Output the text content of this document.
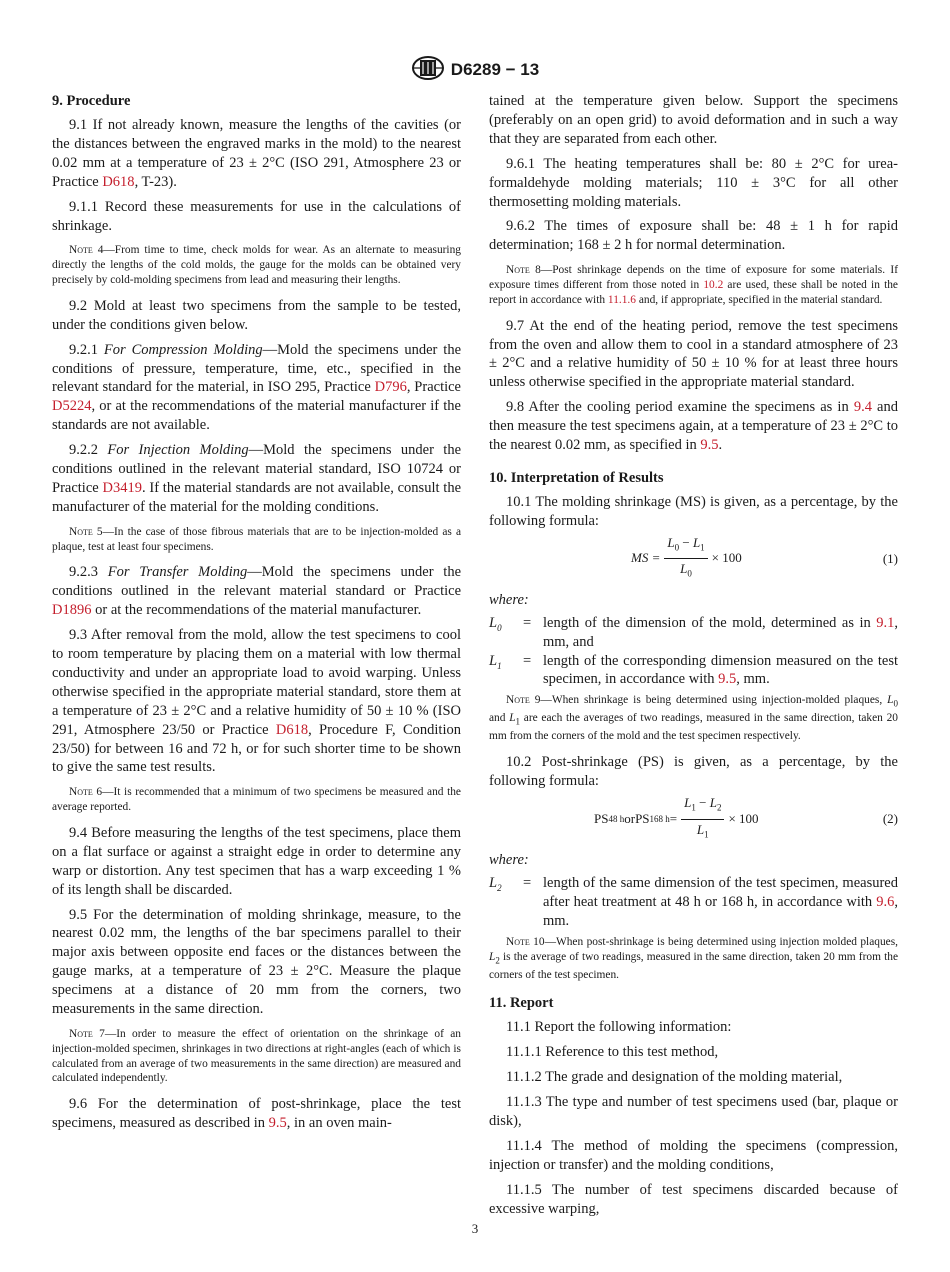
D6289 − 13
9. Procedure

9.1 If not already known, measure the lengths of the cavities (or the distances between the engraved marks in the mold) to the nearest 0.02 mm at a temperature of 23 ± 2°C (ISO 291, Atmosphere 23 or Practice D618, T-23).

9.1.1 Record these measurements for use in the calculations of shrinkage.

Note 4—From time to time, check molds for wear. As an alternate to measuring directly the lengths of the cold molds, the gauge for the molds can be obtained very precisely by cold-molding specimens from lead and measuring their lengths.

9.2 Mold at least two specimens from the sample to be tested, under the conditions given below.

9.2.1 For Compression Molding—Mold the specimens under the conditions of pressure, temperature, time, etc., specified in the relevant standard for the material, in ISO 295, Practice D796, Practice D5224, or at the recommendations of the material manufacturer if the standards are not available.

9.2.2 For Injection Molding—Mold the specimens under the conditions outlined in the relevant material standard, ISO 10724 or Practice D3419. If the material standards are not available, consult the manufacturer of the material for the molding conditions.

Note 5—In the case of those fibrous materials that are to be injection-molded as a plaque, test at least four specimens.

9.2.3 For Transfer Molding—Mold the specimens under the conditions outlined in the relevant material standard or Practice D1896 or at the recommendations of the material manufacturer.

9.3 After removal from the mold, allow the test specimens to cool to room temperature by placing them on a material with low thermal conductivity and under an appropriate load to avoid warping. Unless otherwise specified in the appropriate material standard, store them at a temperature of 23 ± 2°C and a relative humidity of 50 ± 10 % (ISO 291, Atmosphere 23/50 or Practice D618, Procedure F, Condition 23/50) for between 16 and 72 h, or for such shorter time to be shown to give the same test results.

Note 6—It is recommended that a minimum of two specimens be measured and the average reported.

9.4 Before measuring the lengths of the test specimens, place them on a flat surface or against a straight edge in order to determine any warp or distortion. Any test specimen that has a warp exceeding 1 % of its length shall be discarded.

9.5 For the determination of molding shrinkage, measure, to the nearest 0.02 mm, the lengths of the bar specimens parallel to their major axis between opposite end faces or the distances between the gauge marks, at a temperature of 23 ± 2°C. Measure the plaque specimens at a distance of 20 mm from the corners, two measurements in the same direction.

Note 7—In order to measure the effect of orientation on the shrinkage of an injection-molded specimen, shrinkages in two directions at right-angles (each of which is calculated from an average of two measurements in the same direction) are measured and calculated independently.

9.6 For the determination of post-shrinkage, place the test specimens, measured as described in 9.5, in an oven main-

tained at the temperature given below. Support the specimens (preferably on an open grid) to avoid deformation and in such a way that they are separated from each other.

9.6.1 The heating temperatures shall be: 80 ± 2°C for urea-formaldehyde molding materials; 110 ± 3°C for all other thermosetting molding materials.

9.6.2 The times of exposure shall be: 48 ± 1 h for rapid determination; 168 ± 2 h for normal determination.

Note 8—Post shrinkage depends on the time of exposure for some materials. If exposure times different from those noted in 10.2 are used, these shall be noted in the report in accordance with 11.1.6 and, if appropriate, specified in the material standard.

9.7 At the end of the heating period, remove the test specimens from the oven and allow them to cool in a standard atmosphere of 23 ± 2°C and a relative humidity of 50 ± 10 % for at least three hours unless otherwise specified in the appropriate material standard.

9.8 After the cooling period examine the specimens as in 9.4 and then measure the test specimens again, at a temperature of 23 ± 2°C to the nearest 0.02 mm, as specified in 9.5.

10. Interpretation of Results

10.1 The molding shrinkage (MS) is given, as a percentage, by the following formula:

MS = $\frac{L_0 - L_1}{L_0} \times 100$	(1)
where:
$L_0$	= length of the dimension of the mold, determined as in 9.1, mm, and
$L_1$	= length of the corresponding dimension measured on the test specimen, in accordance with 9.5, mm.
Note 9—When shrinkage is being determined using injection-molded plaques, $L_0$ and $L_1$ are each the averages of two readings, measured in the same direction, taken 20 mm from the corners of the mold and the test specimen respectively.

10.2 Post-shrinkage (PS) is given, as a percentage, by the following formula:

PS 48 h or PS 168 $h = \frac{L_1 - L_2}{L_1} \times 100$	(2)
where:
$L_2$	= length of the same dimension of the test specimen, measured after heat treatment at 48 h or 168 h, in accordance with 9.6, mm.
Note 10—When post-shrinkage is being determined using injection molded plaques, $L_2$ is the average of two readings, measured in the same direction, taken 20 mm from the corners of the test specimen.
11. Report

11.1 Report the following information:

11.1.1 Reference to this test method,

11.1.2 The grade and designation of the molding material,

11.1.3 The type and number of test specimens used (bar, plaque or disk),

11.1.4 The method of molding the specimens (compression, injection or transfer) and the molding conditions,

11.1.5 The number of test specimens discarded because of excessive warping,

3
